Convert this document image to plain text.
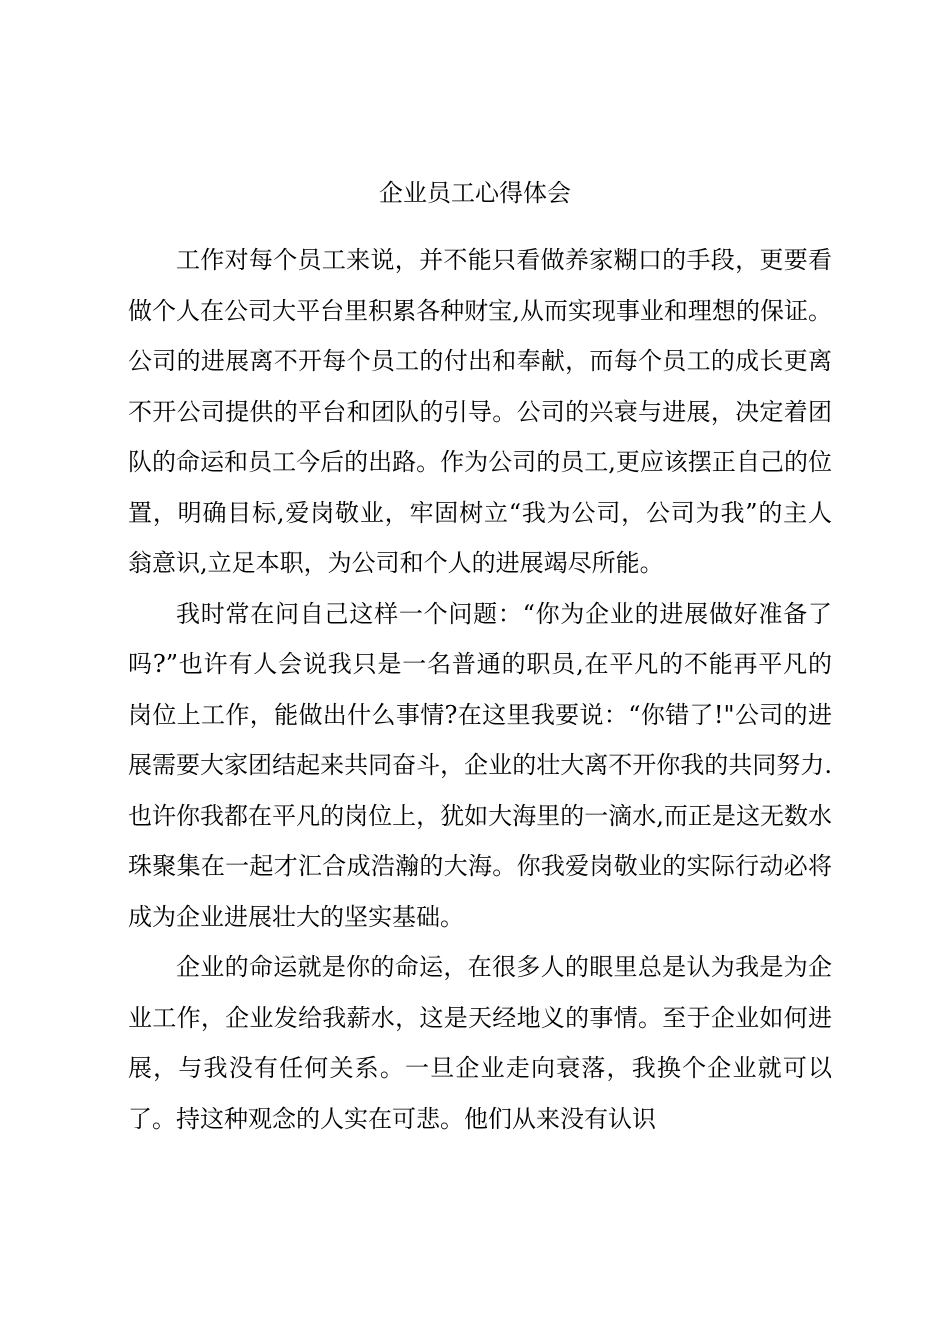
企业员工心得体会

工作对每个员工来说，并不能只看做养家糊口的手段，更要看做个人在公司大平台里积累各种财宝,从而实现事业和理想的保证。公司的进展离不开每个员工的付出和奉献，而每个员工的成长更离不开公司提供的平台和团队的引导。公司的兴衰与进展，决定着团队的命运和员工今后的出路。作为公司的员工,更应该摆正自己的位置，明确目标,爱岗敬业，牢固树立“我为公司，公司为我”的主人翁意识,立足本职，为公司和个人的进展竭尽所能。

我时常在问自己这样一个问题：“你为企业的进展做好准备了吗?”也许有人会说我只是一名普通的职员,在平凡的不能再平凡的岗位上工作，能做出什么事情?在这里我要说：“你错了!"公司的进展需要大家团结起来共同奋斗，企业的壮大离不开你我的共同努力.也许你我都在平凡的岗位上，犹如大海里的一滴水,而正是这无数水珠聚集在一起才汇合成浩瀚的大海。你我爱岗敬业的实际行动必将成为企业进展壮大的坚实基础。

企业的命运就是你的命运，在很多人的眼里总是认为我是为企业工作，企业发给我薪水，这是天经地义的事情。至于企业如何进展，与我没有任何关系。一旦企业走向衰落，我换个企业就可以了。持这种观念的人实在可悲。他们从来没有认识
